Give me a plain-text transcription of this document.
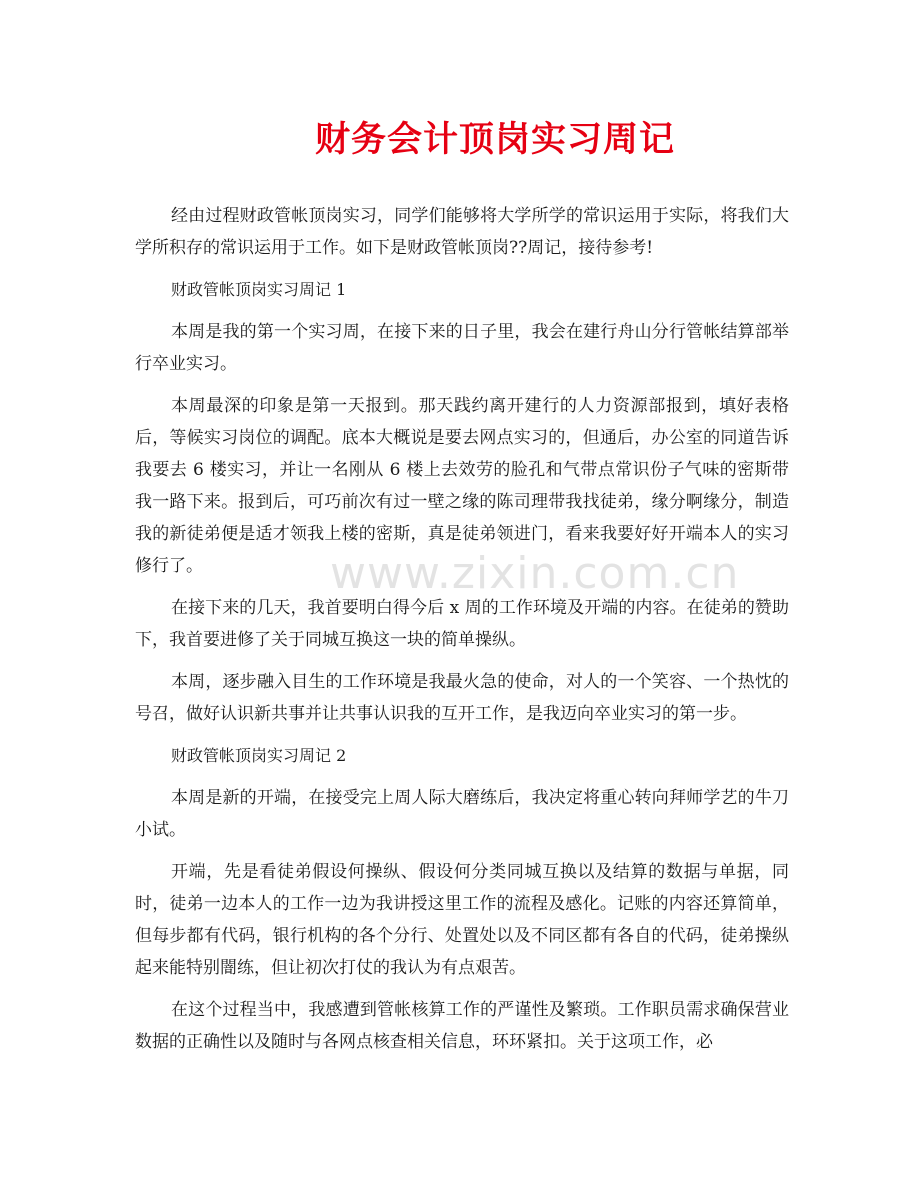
财务会计顶岗实习周记

经由过程财政管帐顶岗实习，同学们能够将大学所学的常识运用于实际，将我们大学所积存的常识运用于工作。如下是财政管帐顶岗??周记，接待参考!

财政管帐顶岗实习周记 1

本周是我的第一个实习周，在接下来的日子里，我会在建行舟山分行管帐结算部举行卒业实习。

本周最深的印象是第一天报到。那天践约离开建行的人力资源部报到，填好表格后，等候实习岗位的调配。底本大概说是要去网点实习的，但通后，办公室的同道告诉我要去 6 楼实习，并让一名刚从 6 楼上去效劳的脸孔和气带点常识份子气味的密斯带我一路下来。报到后，可巧前次有过一壁之缘的陈司理带我找徒弟，缘分啊缘分，制造我的新徒弟便是适才领我上楼的密斯，真是徒弟领进门，看来我要好好开端本人的实习修行了。

在接下来的几天，我首要明白得今后 x 周的工作环境及开端的内容。在徒弟的赞助下，我首要进修了关于同城互换这一块的简单操纵。

本周，逐步融入目生的工作环境是我最火急的使命，对人的一个笑容、一个热忱的号召，做好认识新共事并让共事认识我的互开工作，是我迈向卒业实习的第一步。

财政管帐顶岗实习周记 2

本周是新的开端，在接受完上周人际大磨练后，我决定将重心转向拜师学艺的牛刀小试。

开端，先是看徒弟假设何操纵、假设何分类同城互换以及结算的数据与单据，同时，徒弟一边本人的工作一边为我讲授这里工作的流程及感化。记账的内容还算简单，但每步都有代码，银行机构的各个分行、处置处以及不同区都有各自的代码，徒弟操纵起来能特别闇练，但让初次打仗的我认为有点艰苦。

在这个过程当中，我感遭到管帐核算工作的严谨性及繁琐。工作职员需求确保营业数据的正确性以及随时与各网点核查相关信息，环环紧扣。关于这项工作，必

www.zixin.com.cn
